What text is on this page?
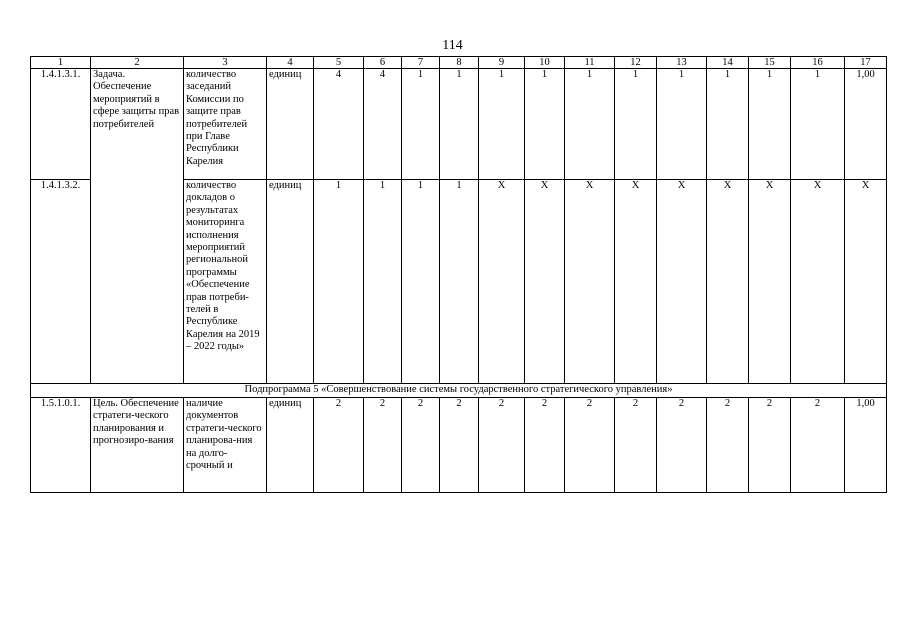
114
1	2	3	4	5	6	7	8	9	10	11	12	13	14	15	16	17
1.4.1.3.1.	Задача. Обеспечение мероприятий в сфере защиты прав потребителей	количество заседаний Комиссии по защите прав потребителей при Главе Республики Карелия	единиц	4	4	1	1	1	1	1	1	1	1	1	1	1,00
1.4.1.3.2.		количество докладов о результатах мониторинга исполнения мероприятий региональной программы «Обеспечение прав потреби-телей в Республике Карелия на 2019 – 2022 годы»	единиц	1	1	1	1	X	X	X	X	X	X	X	X	X
Подпрограмма 5 «Совершенствование системы государственного стратегического управления»																
1.5.1.0.1.	Цель. Обеспечение стратеги-ческого планирования и прогнозиро-вания	наличие документов стратеги-ческого планирова-ния на долго-срочный и	единиц	2	2	2	2	2	2	2	2	2	2	2	2	1,00
